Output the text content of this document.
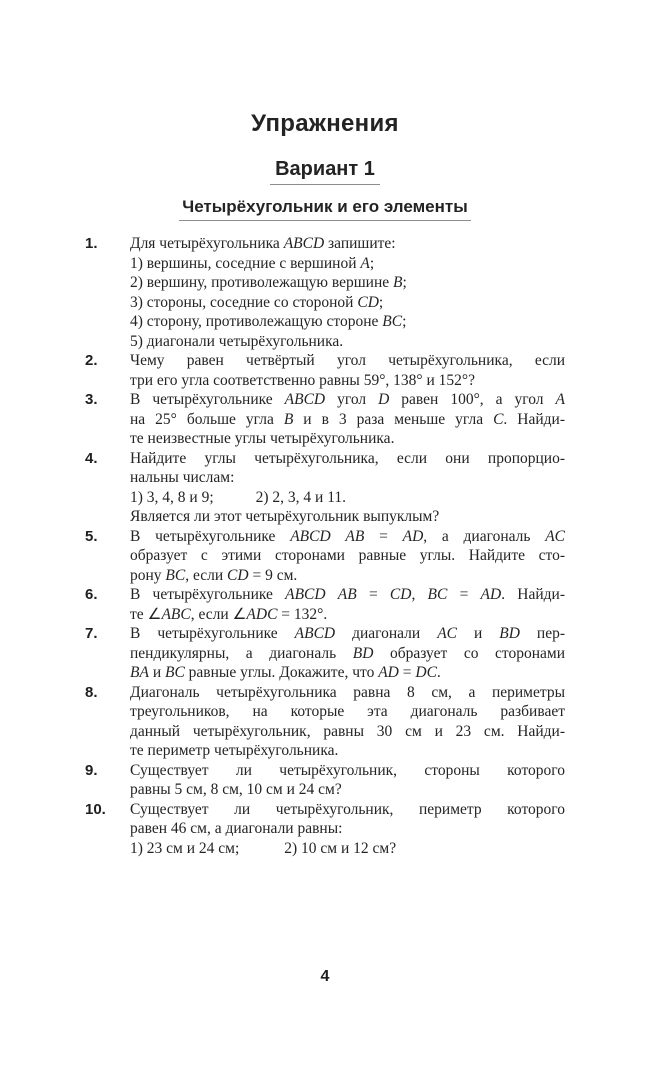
Упражнения
Вариант 1
Четырёхугольник и его элементы
1.	Для четырёхугольника ABCD запишите:
1) вершины, соседние с вершиной A;
2) вершину, противолежащую вершине B;
3) стороны, соседние со стороной CD;
4) сторону, противолежащую стороне BC;
5) диагонали четырёхугольника.
2.	Чему равен четвёртый угол четырёхугольника, если
три его угла соответственно равны 59°, 138° и 152°?
3.	В четырёхугольнике ABCD угол D равен 100°, а угол A
на 25° больше угла B и в 3 раза меньше угла C. Найди-
те неизвестные углы четырёхугольника.
4.	Найдите углы четырёхугольника, если они пропорцио-
нальны числам:
1) 3, 4, 8 и 9;	2) 2, 3, 4 и 11.
Является ли этот четырёхугольник выпуклым?
5.	В четырёхугольнике ABCD AB = AD, а диагональ AC
образует с этими сторонами равные углы. Найдите сто-
рону BC, если CD = 9 см.
6.	В четырёхугольнике ABCD AB = CD, BC = AD. Найди-
те ∠ABC, если ∠ADC = 132°.
7.	В четырёхугольнике ABCD диагонали AC и BD пер-
пендикулярны, а диагональ BD образует со сторонами
BA и BC равные углы. Докажите, что AD = DC.
8.	Диагональ четырёхугольника равна 8 см, а периметры
треугольников, на которые эта диагональ разбивает
данный четырёхугольник, равны 30 см и 23 см. Найди-
те периметр четырёхугольника.
9.	Существует ли четырёхугольник, стороны которого
равны 5 см, 8 см, 10 см и 24 см?
10.	Существует ли четырёхугольник, периметр которого
равен 46 см, а диагонали равны:
1) 23 см и 24 см;	2) 10 см и 12 см?
4
